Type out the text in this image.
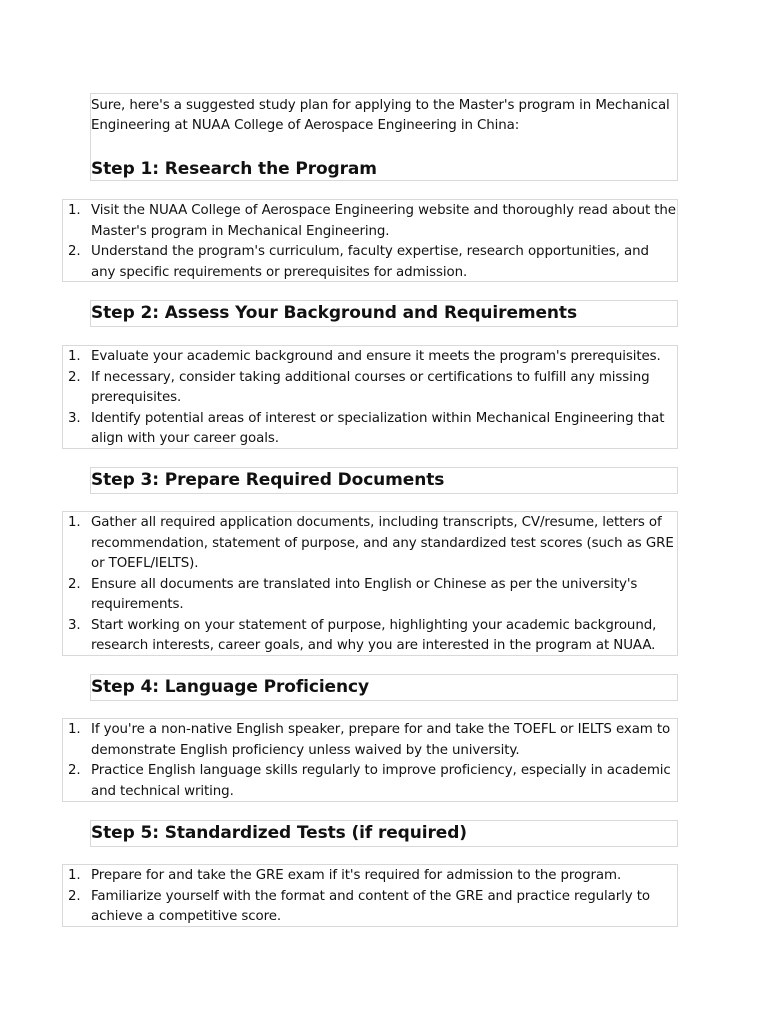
Sure, here's a suggested study plan for applying to the Master's program in Mechanical Engineering at NUAA College of Aerospace Engineering in China:

Step 1: Research the Program
1. Visit the NUAA College of Aerospace Engineering website and thoroughly read about the Master's program in Mechanical Engineering.
2. Understand the program's curriculum, faculty expertise, research opportunities, and any specific requirements or prerequisites for admission.
Step 2: Assess Your Background and Requirements
1. Evaluate your academic background and ensure it meets the program's prerequisites.
2. If necessary, consider taking additional courses or certifications to fulfill any missing prerequisites.
3. Identify potential areas of interest or specialization within Mechanical Engineering that align with your career goals.
Step 3: Prepare Required Documents
1. Gather all required application documents, including transcripts, CV/resume, letters of recommendation, statement of purpose, and any standardized test scores (such as GRE or TOEFL/IELTS).
2. Ensure all documents are translated into English or Chinese as per the university's requirements.
3. Start working on your statement of purpose, highlighting your academic background, research interests, career goals, and why you are interested in the program at NUAA.
Step 4: Language Proficiency
1. If you're a non-native English speaker, prepare for and take the TOEFL or IELTS exam to demonstrate English proficiency unless waived by the university.
2. Practice English language skills regularly to improve proficiency, especially in academic and technical writing.
Step 5: Standardized Tests (if required)
1. Prepare for and take the GRE exam if it's required for admission to the program.
2. Familiarize yourself with the format and content of the GRE and practice regularly to achieve a competitive score.
